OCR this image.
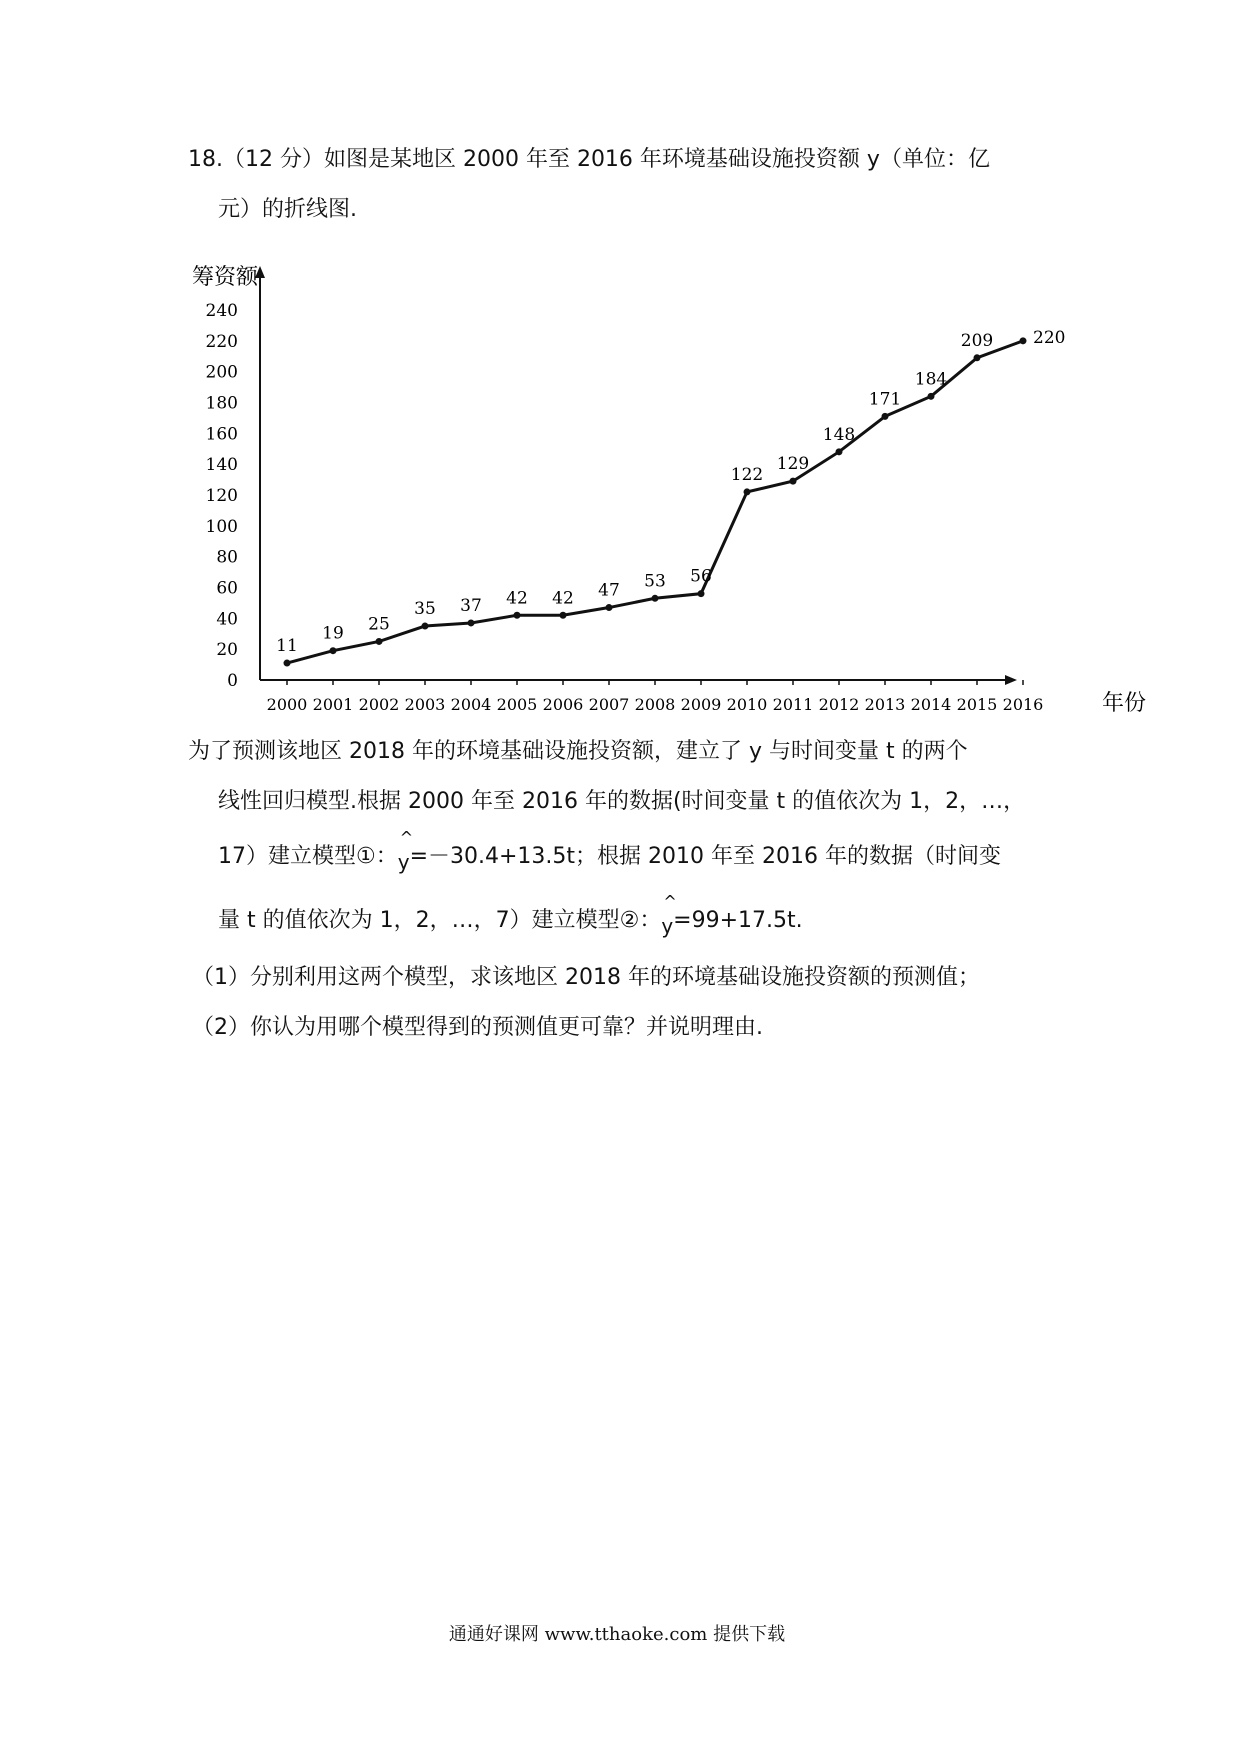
18.（12 分）如图是某地区 2000 年至 2016 年环境基础设施投资额 y（单位：亿
元）的折线图.
0
20
40
60
80
100
120
140
160
180
200
220
240
2000 2001 2002 2003 2004 2005 2006 2007 2008 2009 2010 2011 2012 2013 2014 2015 2016
11
19 25
35 37 42 42 47 53 56
122
129
148
171
184
209 220
筹资额
年份
为了预测该地区 2018 年的环境基础设施投资额，建立了 y 与时间变量 t 的两个
线性回归模型.根据 2000 年至 2016 年的数据(时间变量 t 的值依次为 1，2，…，
17）建立模型①：
^
y=－30.4+13.5t；根据 2010 年至 2016 年的数据（时间变
量 t 的值依次为 1，2，…，7）建立模型②：
^
y=99+17.5t.
（1）分别利用这两个模型，求该地区 2018 年的环境基础设施投资额的预测值；
（2）你认为用哪个模型得到的预测值更可靠？并说明理由.
通通好课网 www.tthaoke.com 提供下载
